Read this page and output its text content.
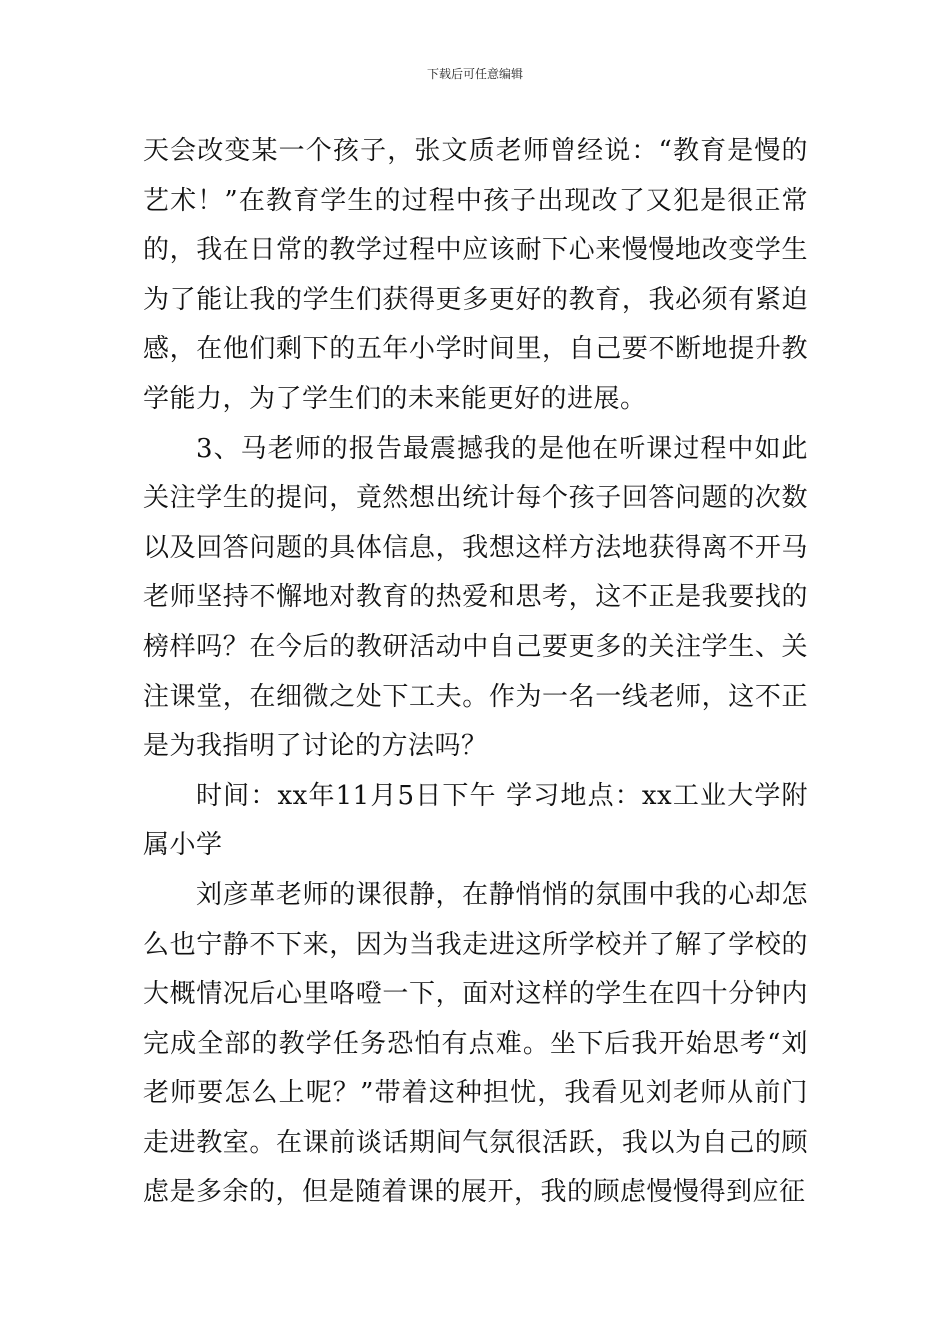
下载后可任意编辑

天会改变某一个孩子，张文质老师曾经说：“教育是慢的艺术！”在教育学生的过程中孩子出现改了又犯是很正常的，我在日常的教学过程中应该耐下心来慢慢地改变学生为了能让我的学生们获得更多更好的教育，我必须有紧迫感，在他们剩下的五年小学时间里，自己要不断地提升教学能力，为了学生们的未来能更好的进展。

3、马老师的报告最震撼我的是他在听课过程中如此关注学生的提问，竟然想出统计每个孩子回答问题的次数以及回答问题的具体信息，我想这样方法地获得离不开马老师坚持不懈地对教育的热爱和思考，这不正是我要找的榜样吗？在今后的教研活动中自己要更多的关注学生、关注课堂，在细微之处下工夫。作为一名一线老师，这不正是为我指明了讨论的方法吗？

时间：xx年11月5日下午 学习地点：xx工业大学附属小学

刘彦革老师的课很静，在静悄悄的氛围中我的心却怎么也宁静不下来，因为当我走进这所学校并了解了学校的大概情况后心里咯噔一下，面对这样的学生在四十分钟内完成全部的教学任务恐怕有点难。坐下后我开始思考“刘老师要怎么上呢？”带着这种担忧，我看见刘老师从前门走进教室。在课前谈话期间气氛很活跃，我以为自己的顾虑是多余的，但是随着课的展开，我的顾虑慢慢得到应征
